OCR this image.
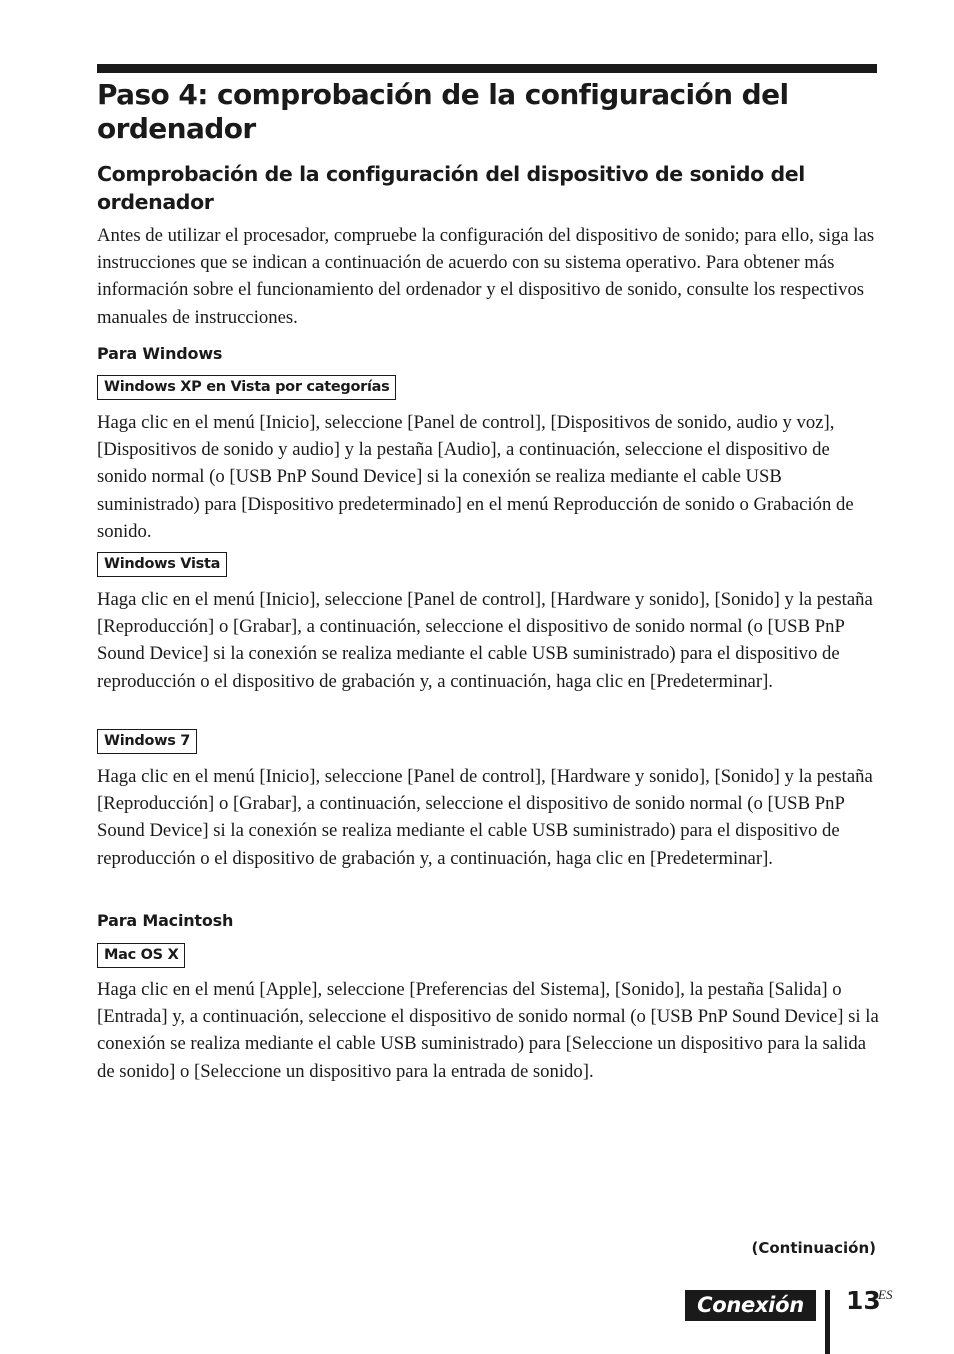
Paso 4: comprobación de la configuración del ordenador
Comprobación de la configuración del dispositivo de sonido del ordenador

Antes de utilizar el procesador, compruebe la configuración del dispositivo de sonido; para ello, siga las instrucciones que se indican a continuación de acuerdo con su sistema operativo. Para obtener más información sobre el funcionamiento del ordenador y el dispositivo de sonido, consulte los respectivos manuales de instrucciones.

Para Windows
Windows XP en Vista por categorías

Haga clic en el menú [Inicio], seleccione [Panel de control], [Dispositivos de sonido, audio y voz], [Dispositivos de sonido y audio] y la pestaña [Audio], a continuación, seleccione el dispositivo de sonido normal (o [USB PnP Sound Device] si la conexión se realiza mediante el cable USB suministrado) para [Dispositivo predeterminado] en el menú Reproducción de sonido o Grabación de sonido.

Windows Vista

Haga clic en el menú [Inicio], seleccione [Panel de control], [Hardware y sonido], [Sonido] y la pestaña [Reproducción] o [Grabar], a continuación, seleccione el dispositivo de sonido normal (o [USB PnP Sound Device] si la conexión se realiza mediante el cable USB suministrado) para el dispositivo de reproducción o el dispositivo de grabación y, a continuación, haga clic en [Predeterminar].

Windows 7

Haga clic en el menú [Inicio], seleccione [Panel de control], [Hardware y sonido], [Sonido] y la pestaña [Reproducción] o [Grabar], a continuación, seleccione el dispositivo de sonido normal (o [USB PnP Sound Device] si la conexión se realiza mediante el cable USB suministrado) para el dispositivo de reproducción o el dispositivo de grabación y, a continuación, haga clic en [Predeterminar].

Para Macintosh
Mac OS X

Haga clic en el menú [Apple], seleccione [Preferencias del Sistema], [Sonido], la pestaña [Salida] o [Entrada] y, a continuación, seleccione el dispositivo de sonido normal (o [USB PnP Sound Device] si la conexión se realiza mediante el cable USB suministrado) para [Seleccione un dispositivo para la salida de sonido] o [Seleccione un dispositivo para la entrada de sonido].

(Continuación)
Conexión	13
ES
